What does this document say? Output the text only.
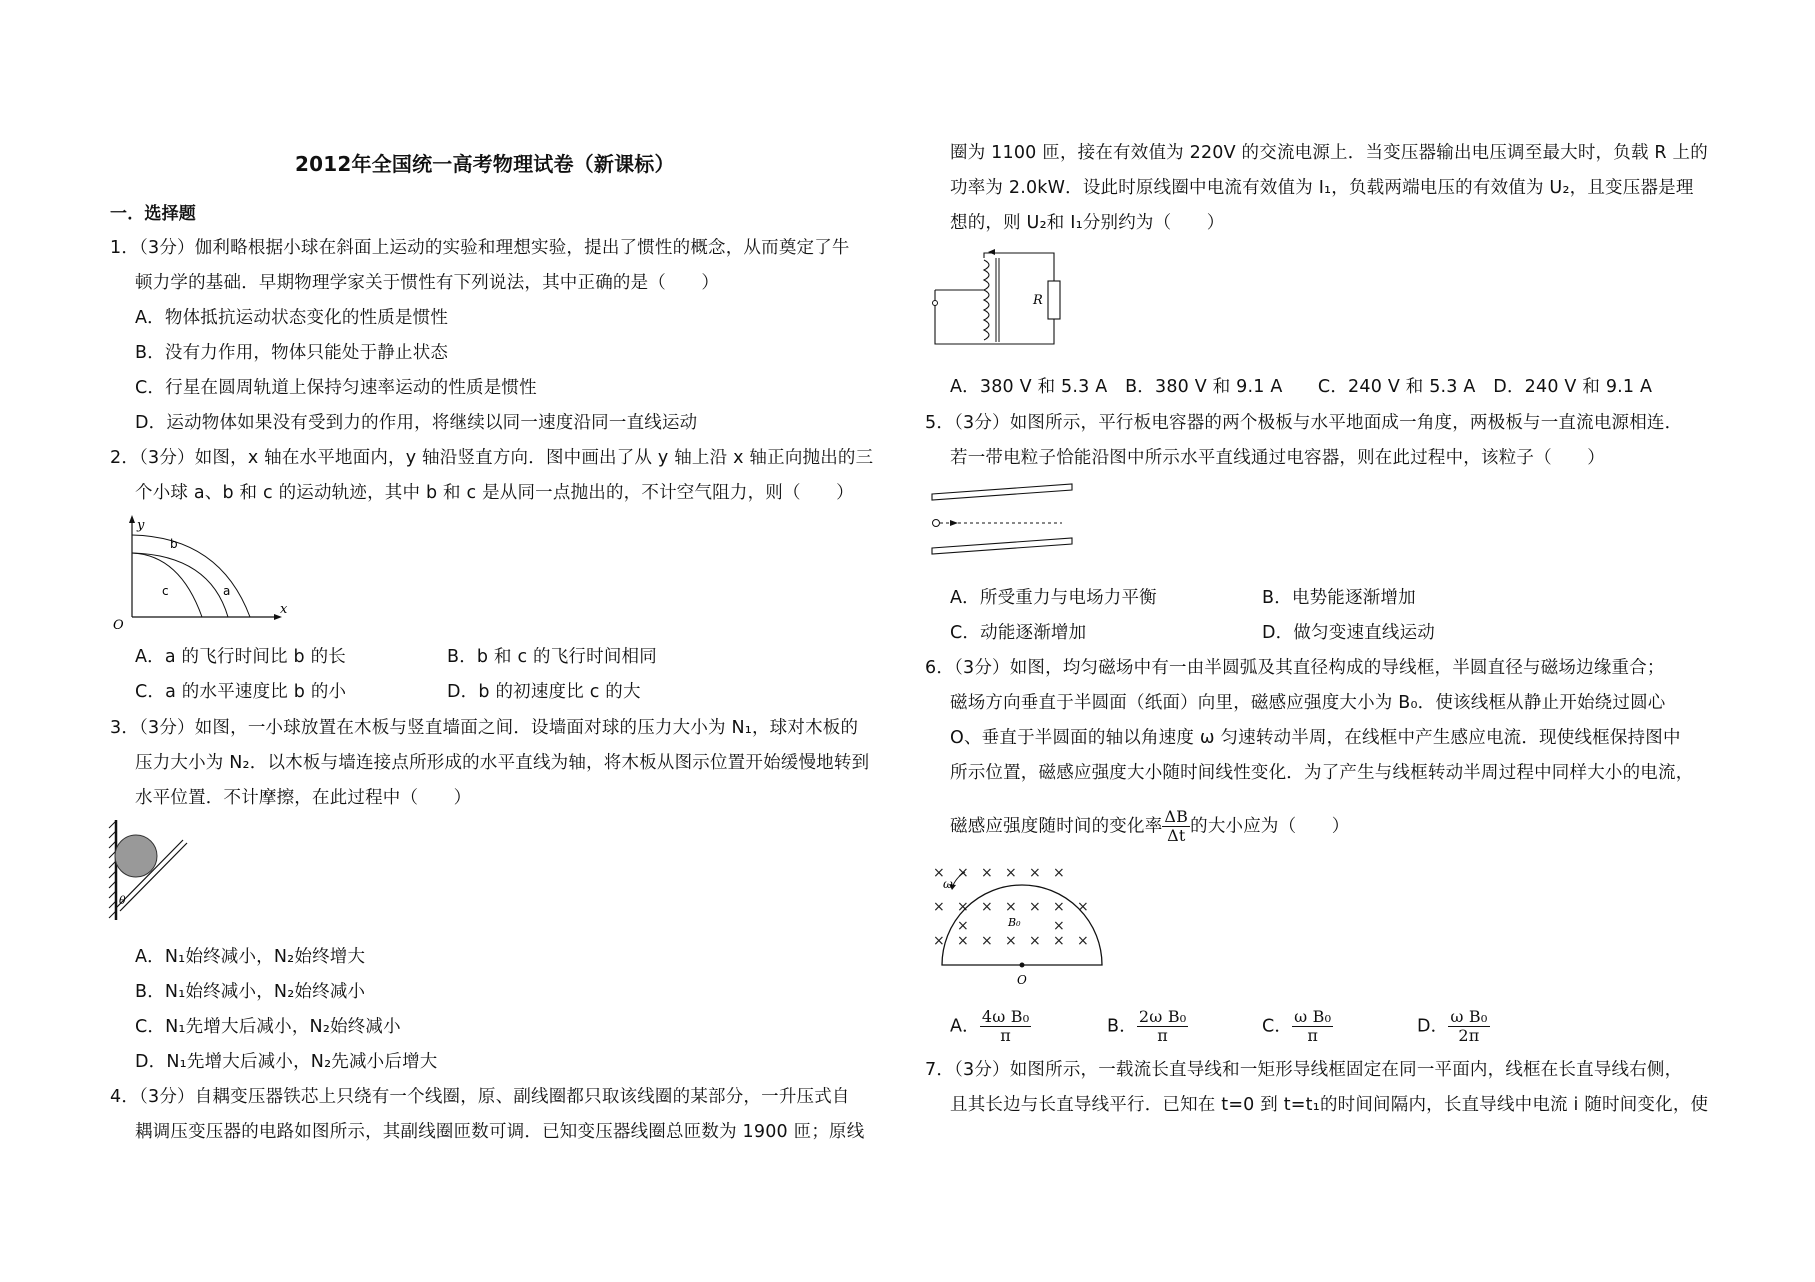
2012年全国统一高考物理试卷（新课标）
一．选择题
1．（3分）伽利略根据小球在斜面上运动的实验和理想实验，提出了惯性的概念，从而奠定了牛
顿力学的基础．早期物理学家关于惯性有下列说法，其中正确的是（　　）
A．物体抵抗运动状态变化的性质是惯性
B．没有力作用，物体只能处于静止状态
C．行星在圆周轨道上保持匀速率运动的性质是惯性
D．运动物体如果没有受到力的作用，将继续以同一速度沿同一直线运动
2．（3分）如图，x 轴在水平地面内，y 轴沿竖直方向．图中画出了从 y 轴上沿 x 轴正向抛出的三
个小球 a、b 和 c 的运动轨迹，其中 b 和 c 是从同一点抛出的，不计空气阻力，则（　　）
y
x
O
b
c	a
A．a 的飞行时间比 b 的长	B．b 和 c 的飞行时间相同
C．a 的水平速度比 b 的小	D．b 的初速度比 c 的大
3．（3分）如图，一小球放置在木板与竖直墙面之间．设墙面对球的压力大小为 N₁，球对木板的
压力大小为 N₂．以木板与墙连接点所形成的水平直线为轴，将木板从图示位置开始缓慢地转到
水平位置．不计摩擦，在此过程中（　　）
θ
A．N₁始终减小，N₂始终增大
B．N₁始终减小，N₂始终减小
C．N₁先增大后减小，N₂始终减小
D．N₁先增大后减小，N₂先减小后增大
4．（3分）自耦变压器铁芯上只绕有一个线圈，原、副线圈都只取该线圈的某部分，一升压式自
耦调压变压器的电路如图所示，其副线圈匝数可调．已知变压器线圈总匝数为 1900 匝；原线
圈为 1100 匝，接在有效值为 220V 的交流电源上．当变压器输出电压调至最大时，负载 R 上的
功率为 2.0kW．设此时原线圈中电流有效值为 I₁，负载两端电压的有效值为 U₂，且变压器是理
想的，则 U₂和 I₁分别约为（　　）
R
A．380 V 和 5.3 A　B．380 V 和 9.1 A　　C．240 V 和 5.3 A　D．240 V 和 9.1 A
5．（3分）如图所示，平行板电容器的两个极板与水平地面成一角度，两极板与一直流电源相连．
若一带电粒子恰能沿图中所示水平直线通过电容器，则在此过程中，该粒子（　　）
A．所受重力与电场力平衡	B．电势能逐渐增加
C．动能逐渐增加	D．做匀变速直线运动
6．（3分）如图，均匀磁场中有一由半圆弧及其直径构成的导线框，半圆直径与磁场边缘重合；
磁场方向垂直于半圆面（纸面）向里，磁感应强度大小为 B₀．使该线框从静止开始绕过圆心
O、垂直于半圆面的轴以角速度 ω 匀速转动半周，在线框中产生感应电流．现使线框保持图中
所示位置，磁感应强度大小随时间线性变化．为了产生与线框转动半周过程中同样大小的电流，
磁感应强度随时间的变化率 $\frac{\Delta B}{\Delta t}$ 的大小应为（　　）
× × × × × ×
× × × × × × ×
× × × × × × ×
×	×
ω
B₀
O
A． $\frac{\text{4ω B₀}}{\pi}$	B． $\frac{\text{2ω B₀}}{\pi}$	C． $\frac{\text{ω B₀}}{\pi}$	D． $\frac{\text{ω B₀}}{2\pi}$
7．（3分）如图所示，一载流长直导线和一矩形导线框固定在同一平面内，线框在长直导线右侧，
且其长边与长直导线平行．已知在 t=0 到 t=t₁的时间间隔内，长直导线中电流 i 随时间变化，使
